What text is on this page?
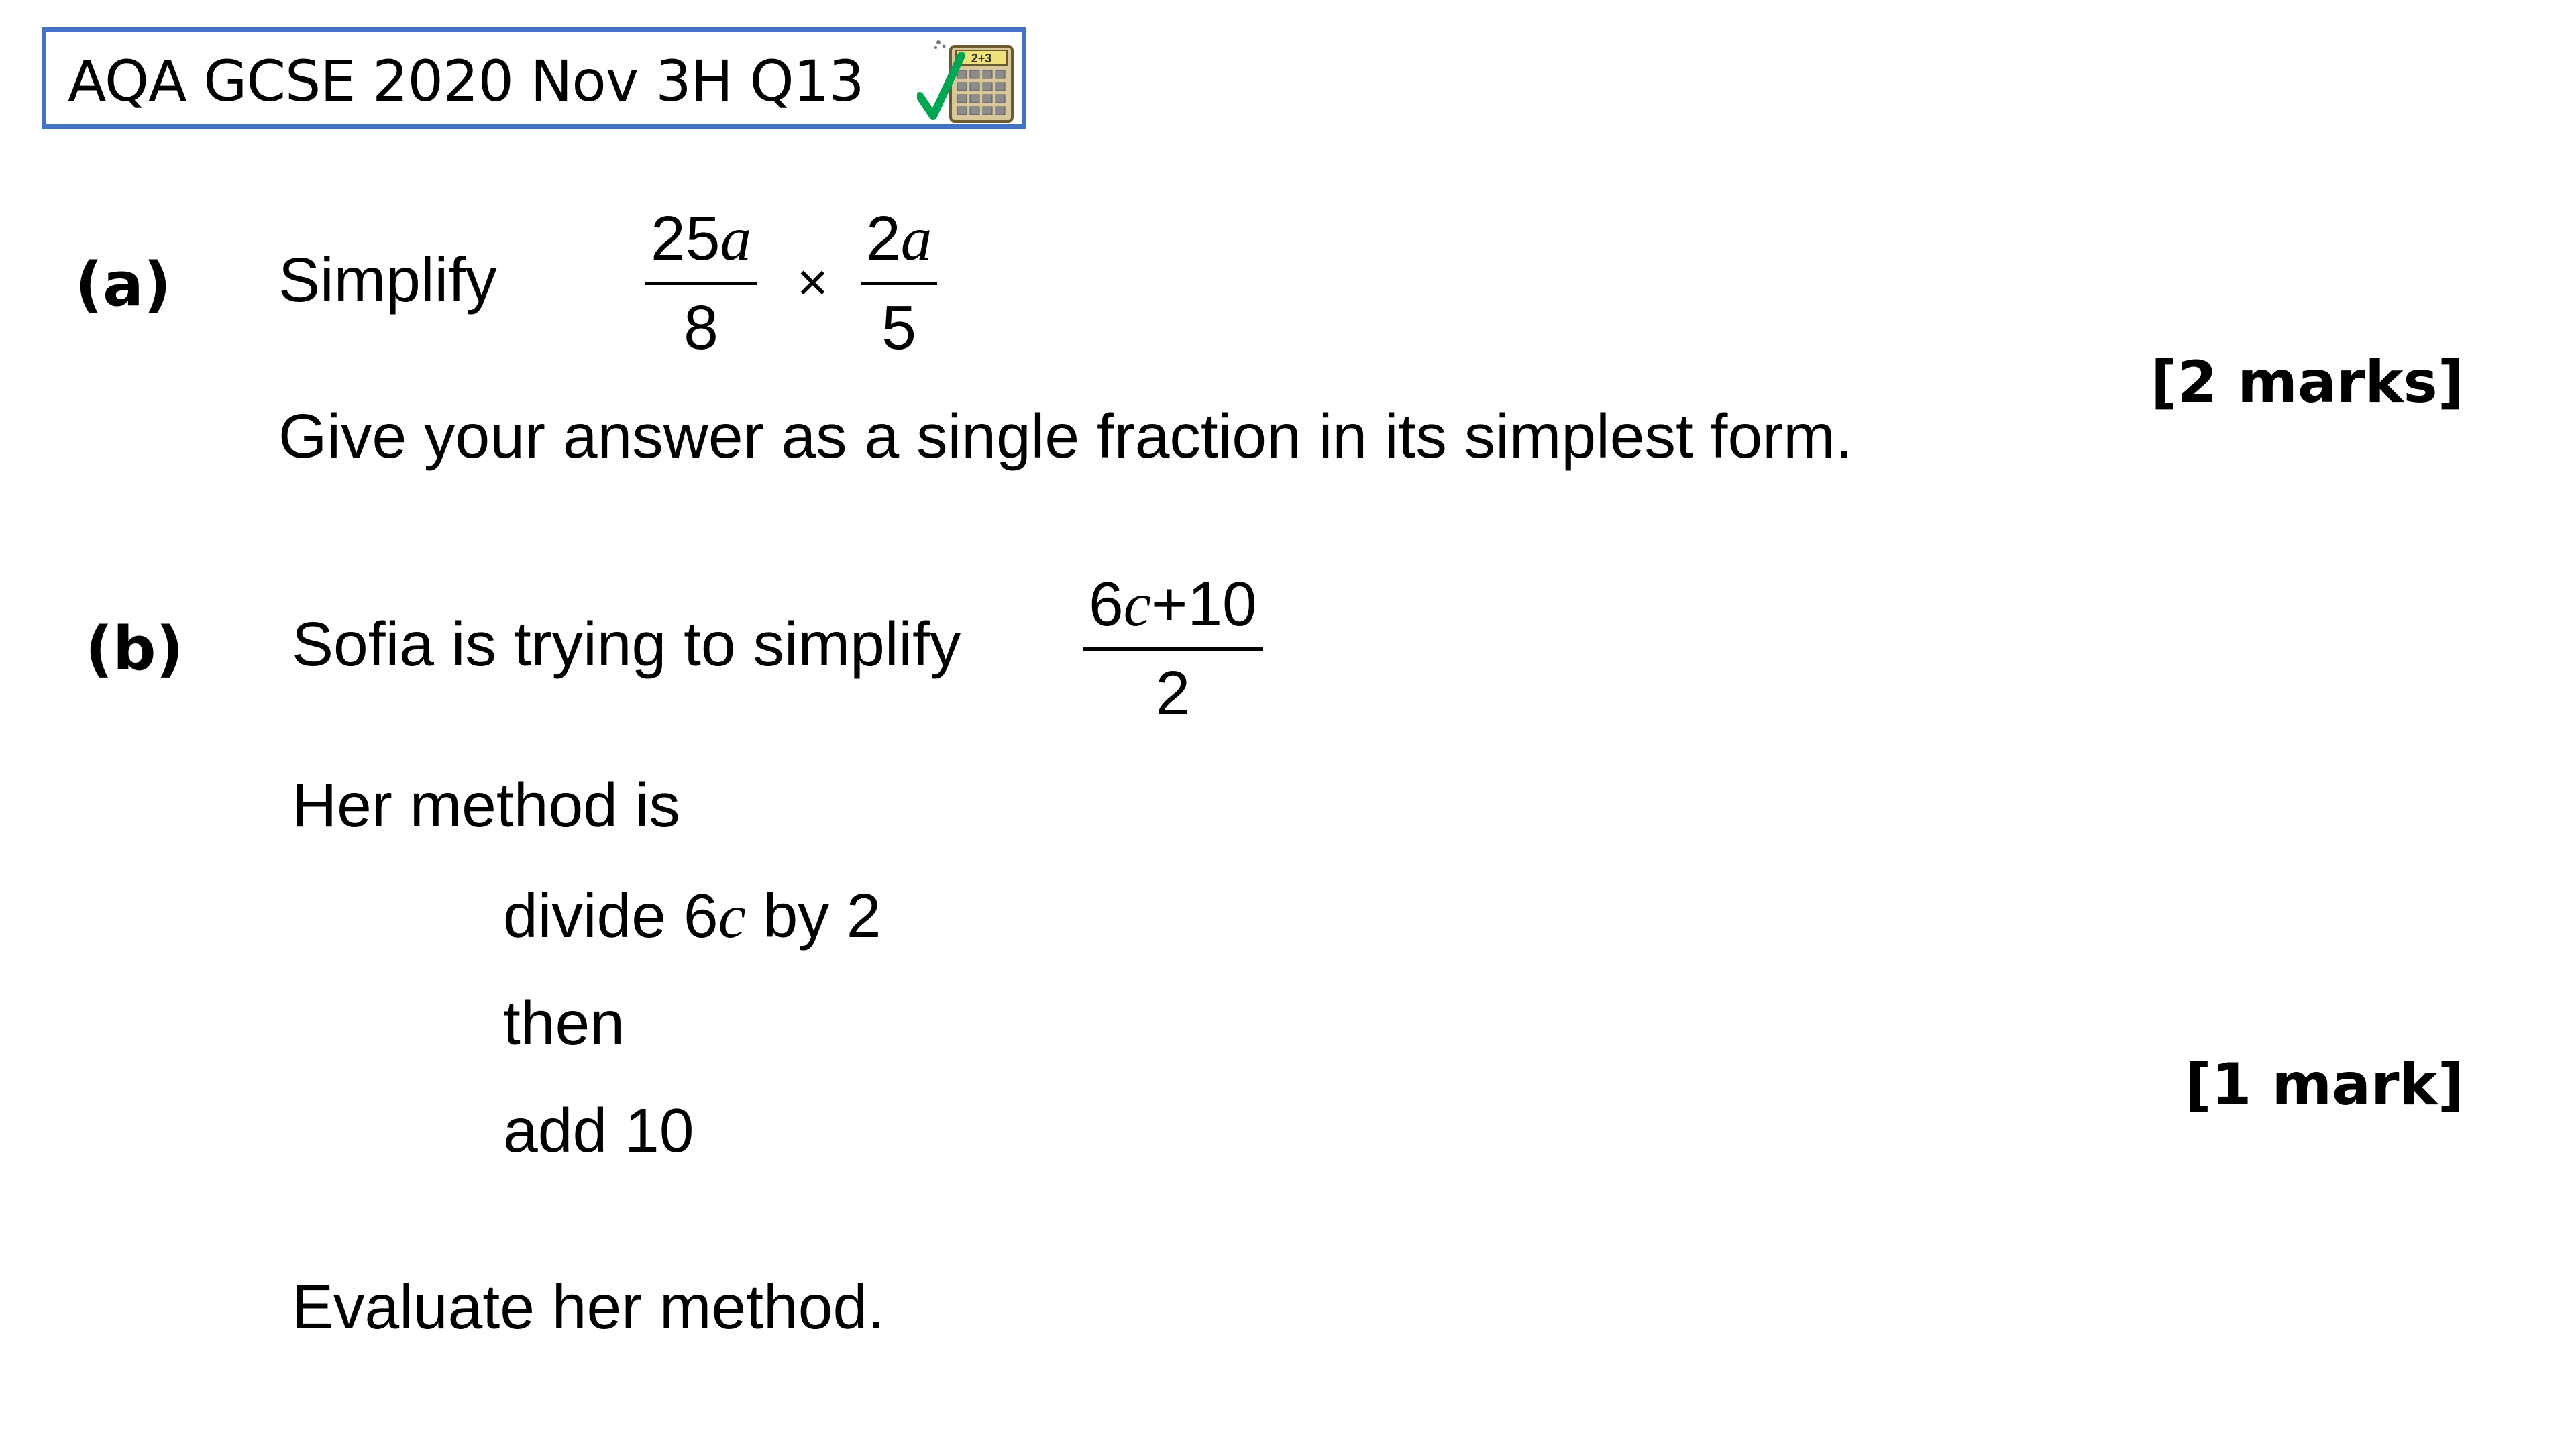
AQA GCSE 2020 Nov 3H Q13	2+3
(a) Simplify
25a
8
×
2a
5
[2 marks]
Give your answer as a single fraction in its simplest form.
(b) Sofia is trying to simplify
6c+10
2
Her method is
divide 6c by 2
then
add 10
[1 mark]
Evaluate her method.
